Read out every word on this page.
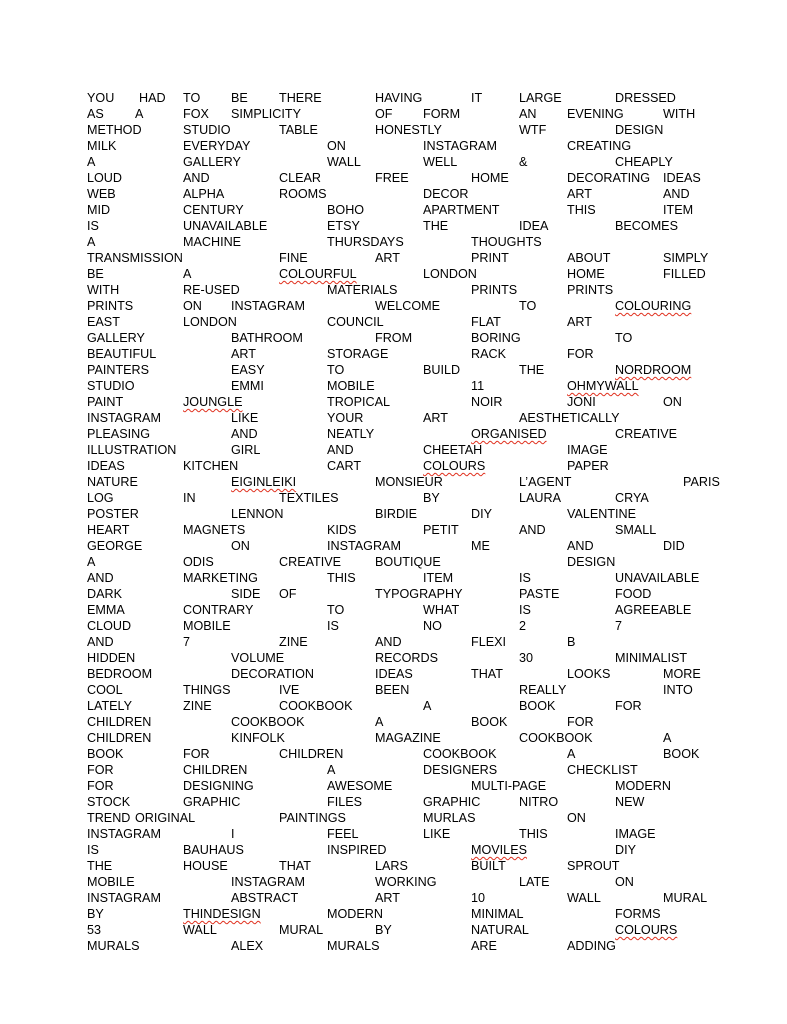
YOU HAD TO BE THERE	HAVING	IT	LARGE	DRESSED
AS A	FOX SIMPLICITY	OF FORM	AN EVENING	WITH
METHOD	STUDIO	TABLE	HONESTLY	WTF	DESIGN
MILK	EVERYDAY	ON	INSTAGRAM	CREATING
A	GALLERY	WALL	WELL	&	CHEAPLY
LOUD	AND	CLEAR	FREE	HOME	DECORATING IDEAS
WEB	ALPHA	ROOMS	DECOR	ART	AND
MID	CENTURY	BOHO	APARTMENT	THIS	ITEM
IS	UNAVAILABLE	ETSY	THE	IDEA	BECOMES
A	MACHINE	THURSDAYS	THOUGHTS
TRANSMISSION	FINE	ART	PRINT	ABOUT	SIMPLY
BE	A	COLOURFUL	LONDON	HOME	FILLED
WITH	RE-USED	MATERIALS	PRINTS	PRINTS
PRINTS	ON INSTAGRAM	WELCOME	TO	COLOURING
EAST	LONDON	COUNCIL	FLAT	ART
GALLERY	BATHROOM	FROM	BORING	TO
BEAUTIFUL	ART	STORAGE	RACK	FOR
PAINTERS	EASY	TO	BUILD	THE	NORDROOM
STUDIO	EMMI	MOBILE	11	OHMYWALL
PAINT	JOUNGLE	TROPICAL	NOIR	JONI	ON
INSTAGRAM	LIKE	YOUR	ART	AESTHETICALLY
PLEASING	AND	NEATLY	ORGANISED	CREATIVE
ILLUSTRATION	GIRL	AND	CHEETAH	IMAGE
IDEAS	KITCHEN	CART	COLOURS	PAPER
NATURE	EIGINLEIKI	MONSIEUR	L’AGENT	PARIS
LOG	IN	TEXTILES	BY	LAURA	CRYA
POSTER	LENNON	BIRDIE	DIY	VALENTINE
HEART	MAGNETS	KIDS	PETIT	AND	SMALL
GEORGE	ON	INSTAGRAM	ME	AND	DID
A	ODIS	CREATIVE	BOUTIQUE	DESIGN
AND	MARKETING	THIS	ITEM	IS	UNAVAILABLE
DARK	SIDE OF	TYPOGRAPHY	PASTE	FOOD
EMMA	CONTRARY	TO	WHAT	IS	AGREEABLE
CLOUD	MOBILE	IS	NO	2	7
AND	7	ZINE	AND	FLEXI	B
HIDDEN	VOLUME	RECORDS	30	MINIMALIST
BEDROOM	DECORATION	IDEAS	THAT	LOOKS	MORE
COOL	THINGS	IVE	BEEN	REALLY	INTO
LATELY	ZINE	COOKBOOK	A	BOOK	FOR
CHILDREN	COOKBOOK	A	BOOK	FOR
CHILDREN	KINFOLK	MAGAZINE	COOKBOOK	A
BOOK	FOR	CHILDREN	COOKBOOK	A	BOOK
FOR	CHILDREN	A	DESIGNERS	CHECKLIST
FOR	DESIGNING	AWESOME	MULTI-PAGE	MODERN
STOCK	GRAPHIC	FILES	GRAPHIC	NITRO	NEW
TREND ORIGINAL	PAINTINGS	MURLAS	ON
INSTAGRAM	I	FEEL	LIKE	THIS	IMAGE
IS	BAUHAUS	INSPIRED	MOVILES	DIY
THE	HOUSE	THAT	LARS	BUILT	SPROUT
MOBILE	INSTAGRAM	WORKING	LATE	ON
INSTAGRAM	ABSTRACT	ART	10	WALL	MURAL
BY	THINDESIGN	MODERN	MINIMAL	FORMS
53	WALL	MURAL	BY	NATURAL	COLOURS
MURALS	ALEX	MURALS	ARE	ADDING
